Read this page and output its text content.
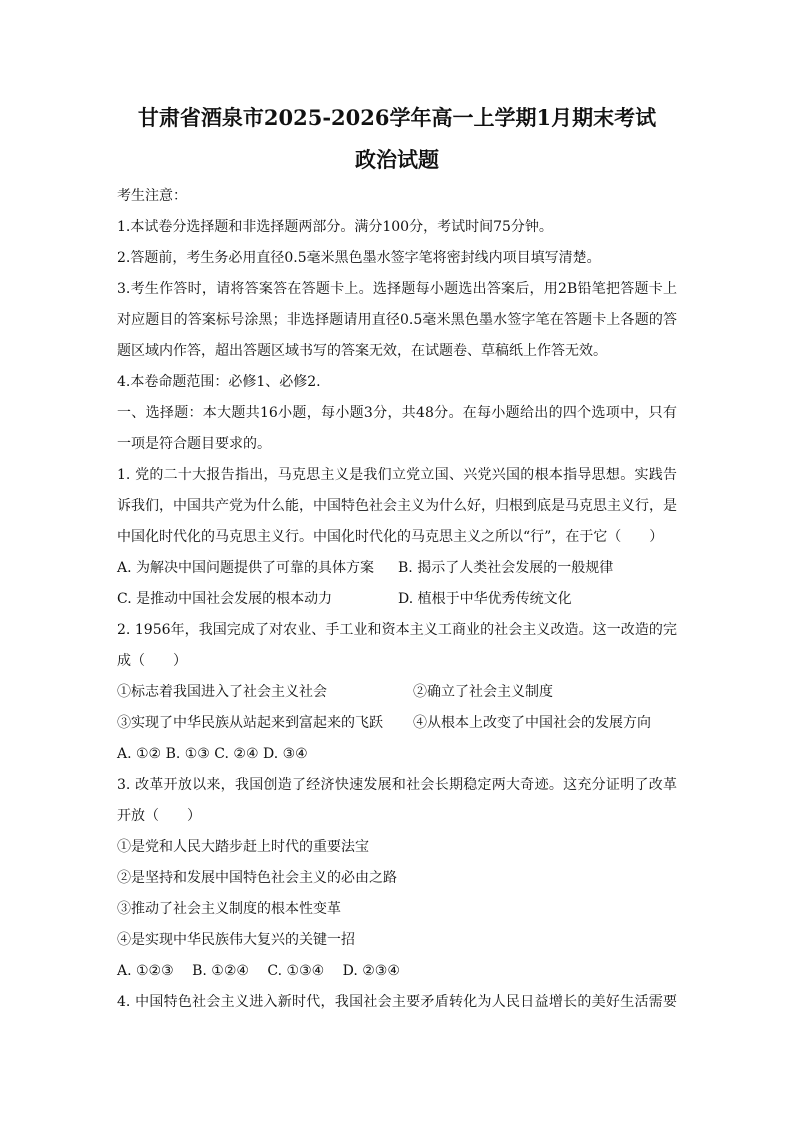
甘肃省酒泉市2025-2026学年高一上学期1月期末考试
政治试题
考生注意：
1.本试卷分选择题和非选择题两部分。满分100分，考试时间75分钟。
2.答题前，考生务必用直径0.5毫米黑色墨水签字笔将密封线内项目填写清楚。
3.考生作答时，请将答案答在答题卡上。选择题每小题选出答案后，用2B铅笔把答题卡上
对应题目的答案标号涂黑；非选择题请用直径0.5毫米黑色墨水签字笔在答题卡上各题的答
题区域内作答，超出答题区域书写的答案无效，在试题卷、草稿纸上作答无效。
4.本卷命题范围：必修1、必修2.
一、选择题：本大题共16小题，每小题3分，共48分。在每小题给出的四个选项中，只有
一项是符合题目要求的。
1. 党的二十大报告指出，马克思主义是我们立党立国、兴党兴国的根本指导思想。实践告
诉我们，中国共产党为什么能，中国特色社会主义为什么好，归根到底是马克思主义行，是
中国化时代化的马克思主义行。中国化时代化的马克思主义之所以“行”，在于它（　　）
A. 为解决中国问题提供了可靠的具体方案 B. 揭示了人类社会发展的一般规律
C. 是推动中国社会发展的根本动力	D. 植根于中华优秀传统文化
2. 1956年，我国完成了对农业、手工业和资本主义工商业的社会主义改造。这一改造的完
成（　　）
①标志着我国进入了社会主义社会	②确立了社会主义制度
③实现了中华民族从站起来到富起来的飞跃 ④从根本上改变了中国社会的发展方向
A. ①② B. ①③ C. ②④ D. ③④
3. 改革开放以来，我国创造了经济快速发展和社会长期稳定两大奇迹。这充分证明了改革
开放（　　）
①是党和人民大踏步赶上时代的重要法宝
②是坚持和发展中国特色社会主义的必由之路
③推动了社会主义制度的根本性变革
④是实现中华民族伟大复兴的关键一招
A. ①②③　 B. ①②④　 C. ①③④　 D. ②③④
4. 中国特色社会主义进入新时代，我国社会主要矛盾转化为人民日益增长的美好生活需要
